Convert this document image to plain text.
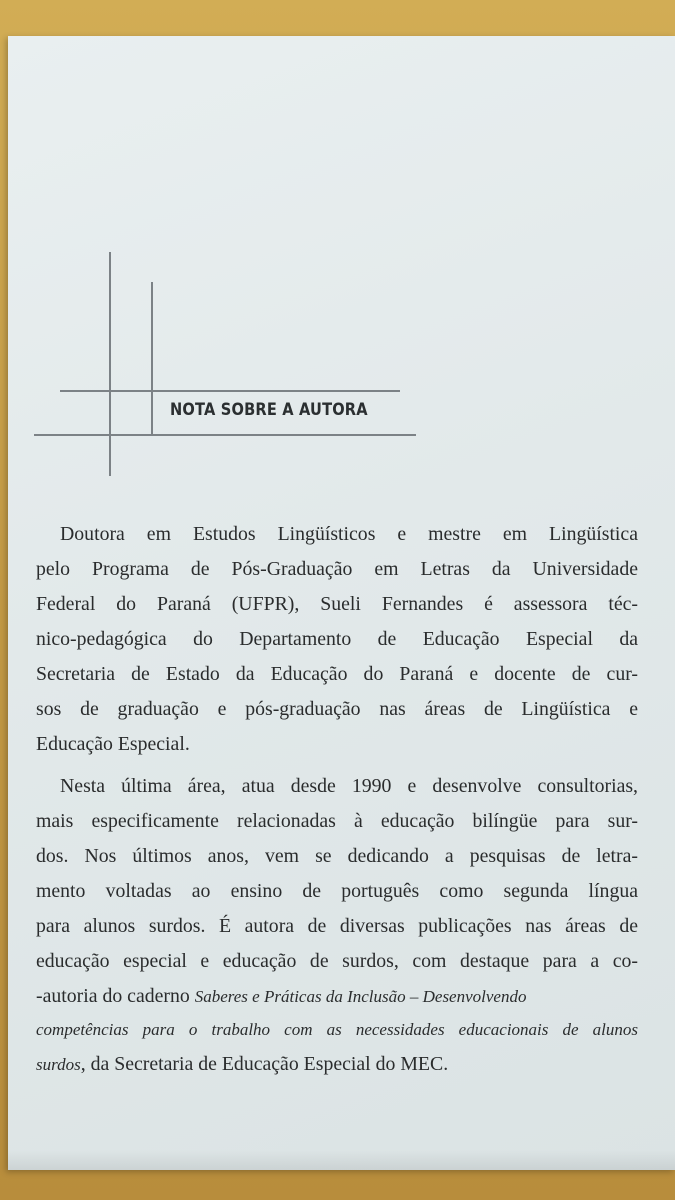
NOTA SOBRE A AUTORA
Doutora em Estudos Lingüísticos e mestre em Lingüística
pelo Programa de Pós-Graduação em Letras da Universidade
Federal do Paraná (UFPR), Sueli Fernandes é assessora téc-
nico-pedagógica do Departamento de Educação Especial da
Secretaria de Estado da Educação do Paraná e docente de cur-
sos de graduação e pós-graduação nas áreas de Lingüística e
Educação Especial.
Nesta última área, atua desde 1990 e desenvolve consultorias,
mais especificamente relacionadas à educação bilíngüe para sur-
dos. Nos últimos anos, vem se dedicando a pesquisas de letra-
mento voltadas ao ensino de português como segunda língua
para alunos surdos. É autora de diversas publicações nas áreas de
educação especial e educação de surdos, com destaque para a co-
-autoria do caderno Saberes e Práticas da Inclusão – Desenvolvendo
competências para o trabalho com as necessidades educacionais de alunos
surdos, da Secretaria de Educação Especial do MEC.
